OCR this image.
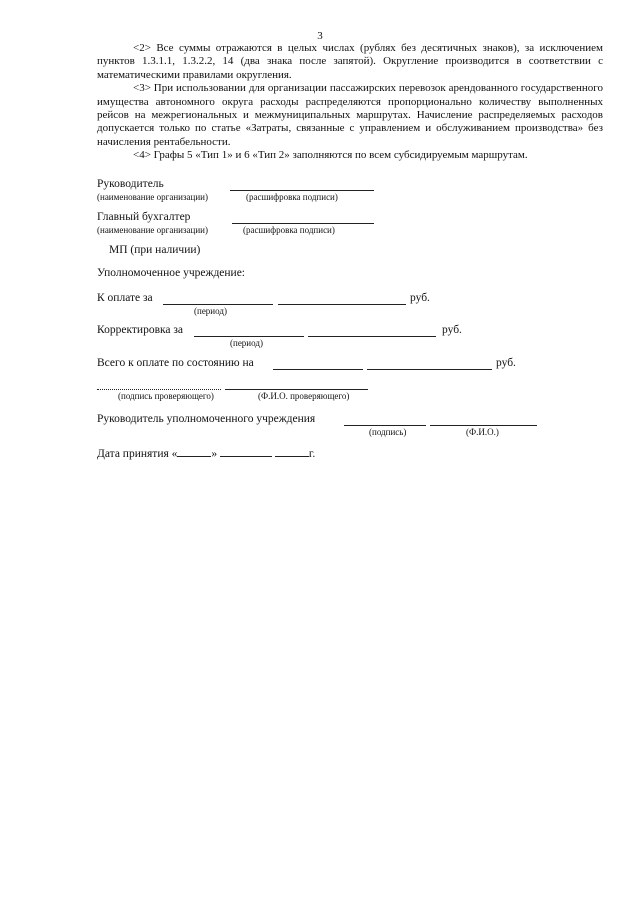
3

<2> Все суммы отражаются в целых числах (рублях без десятичных знаков), за исключением пунктов 1.3.1.1, 1.3.2.2, 14 (два знака после запятой). Округление производится в соответствии с математическими правилами округления.

<3> При использовании для организации пассажирских перевозок арендованного государственного имущества автономного округа расходы распределяются пропорционально количеству выполненных рейсов на межрегиональных и межмуниципальных маршрутах. Начисление распределяемых расходов допускается только по статье «Затраты, связанные с управлением и обслуживанием производства» без начисления рентабельности.

<4> Графы 5 «Тип 1» и 6 «Тип 2» заполняются по всем субсидируемым маршрутам.

Руководитель
(наименование организации)	(расшифровка подписи)
Главный бухгалтер
(наименование организации)	(расшифровка подписи)
МП (при наличии)
Уполномоченное учреждение:
К оплате за	руб.
(период)
Корректировка за	руб.
(период)
Всего к оплате по состоянию на	руб.
(подпись проверяющего)	(Ф.И.О. проверяющего)
Руководитель уполномоченного учреждения
(подпись)	(Ф.И.О.)
Дата принятия «	»	г.
